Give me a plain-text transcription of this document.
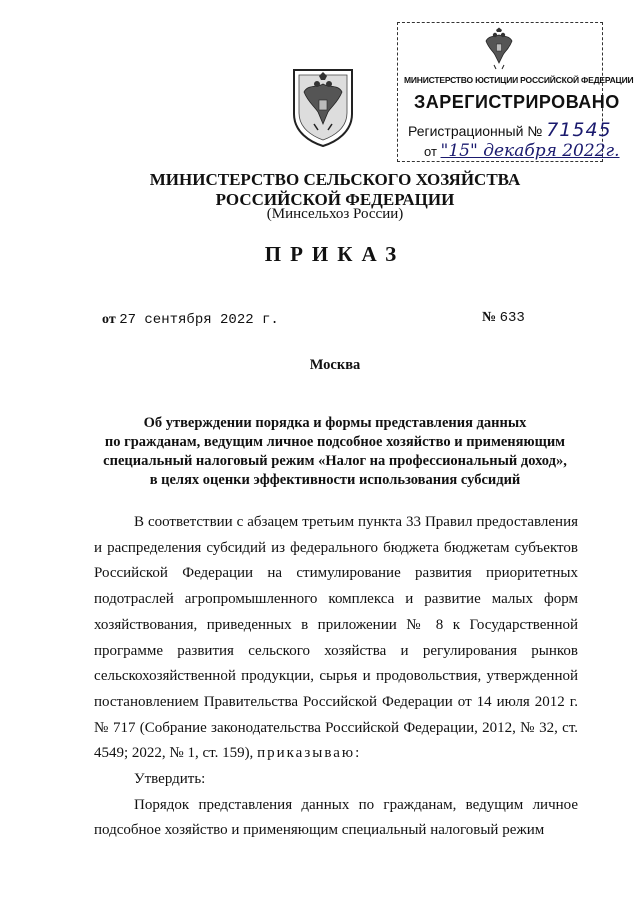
МИНИСТЕРСТВО ЮСТИЦИИ РОССИЙСКОЙ ФЕДЕРАЦИИ
ЗАРЕГИСТРИРОВАНО
Регистрационный № 71545
от "15" декабря 2022г.
МИНИСТЕРСТВО СЕЛЬСКОГО ХОЗЯЙСТВА
РОССИЙСКОЙ ФЕДЕРАЦИИ
(Минсельхоз России)
ПРИКАЗ
от 27 сентября 2022 г.	№ 633
Москва
Об утверждении порядка и формы представления данных
по гражданам, ведущим личное подсобное хозяйство и применяющим
специальный налоговый режим «Налог на профессиональный доход»,
в целях оценки эффективности использования субсидий

В соответствии с абзацем третьим пункта 33 Правил предоставления и распределения субсидий из федерального бюджета бюджетам субъектов Российской Федерации на стимулирование развития приоритетных подотраслей агропромышленного комплекса и развитие малых форм хозяйствования, приведенных в приложении № 8 к Государственной программе развития сельского хозяйства и регулирования рынков сельскохозяйственной продукции, сырья и продовольствия, утвержденной постановлением Правительства Российской Федерации от 14 июля 2012 г. № 717 (Собрание законодательства Российской Федерации, 2012, № 32, ст. 4549; 2022, № 1, ст. 159), приказываю:

Утвердить:

Порядок представления данных по гражданам, ведущим личное подсобное хозяйство и применяющим специальный налоговый режим
